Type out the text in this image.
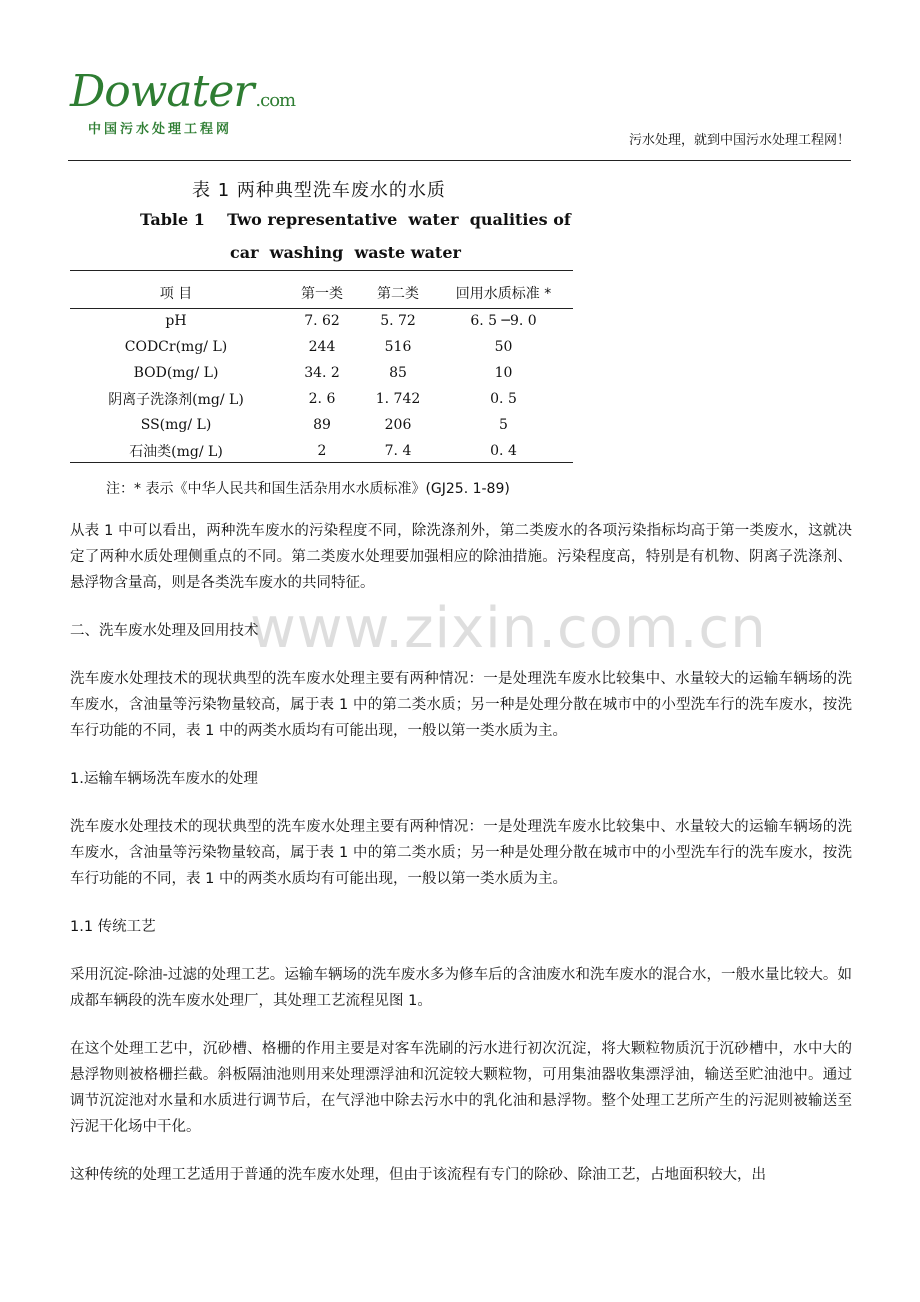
Dowater .com
中国污水处理工程网
污水处理，就到中国污水处理工程网！
表 1 两种典型洗车废水的水质
Table 1    Two representative  water  qualities of
car  washing  waste water
项 目	第一类	第二类	回用水质标准 *
pH	7. 62	5. 72	6. 5 ─9. 0
CODCr(mg/ L)	244	516	50
BOD(mg/ L)	34. 2	85	10
阴离子洗涤剂(mg/ L)	2. 6	1. 742	0. 5
SS(mg/ L)	89	206	5
石油类(mg/ L)	2	7. 4	0. 4
注：* 表示《中华人民共和国生活杂用水水质标准》(GJ25. 1-89)
www.zixin.com.cn

从表 1 中可以看出，两种洗车废水的污染程度不同，除洗涤剂外，第二类废水的各项污染指标均高于第一类废水，这就决定了两种水质处理侧重点的不同。第二类废水处理要加强相应的除油措施。污染程度高，特别是有机物、阴离子洗涤剂、悬浮物含量高，则是各类洗车废水的共同特征。

二、洗车废水处理及回用技术

洗车废水处理技术的现状典型的洗车废水处理主要有两种情况：一是处理洗车废水比较集中、水量较大的运输车辆场的洗车废水，含油量等污染物量较高，属于表 1 中的第二类水质；另一种是处理分散在城市中的小型洗车行的洗车废水，按洗车行功能的不同，表 1 中的两类水质均有可能出现，一般以第一类水质为主。

1.运输车辆场洗车废水的处理

洗车废水处理技术的现状典型的洗车废水处理主要有两种情况：一是处理洗车废水比较集中、水量较大的运输车辆场的洗车废水，含油量等污染物量较高，属于表 1 中的第二类水质；另一种是处理分散在城市中的小型洗车行的洗车废水，按洗车行功能的不同，表 1 中的两类水质均有可能出现，一般以第一类水质为主。

1.1 传统工艺

采用沉淀-除油-过滤的处理工艺。运输车辆场的洗车废水多为修车后的含油废水和洗车废水的混合水，一般水量比较大。如成都车辆段的洗车废水处理厂，其处理工艺流程见图 1。

在这个处理工艺中，沉砂槽、格栅的作用主要是对客车洗刷的污水进行初次沉淀，将大颗粒物质沉于沉砂槽中，水中大的悬浮物则被格栅拦截。斜板隔油池则用来处理漂浮油和沉淀较大颗粒物，可用集油器收集漂浮油，输送至贮油池中。通过调节沉淀池对水量和水质进行调节后，在气浮池中除去污水中的乳化油和悬浮物。整个处理工艺所产生的污泥则被输送至污泥干化场中干化。

这种传统的处理工艺适用于普通的洗车废水处理，但由于该流程有专门的除砂、除油工艺，占地面积较大，出
